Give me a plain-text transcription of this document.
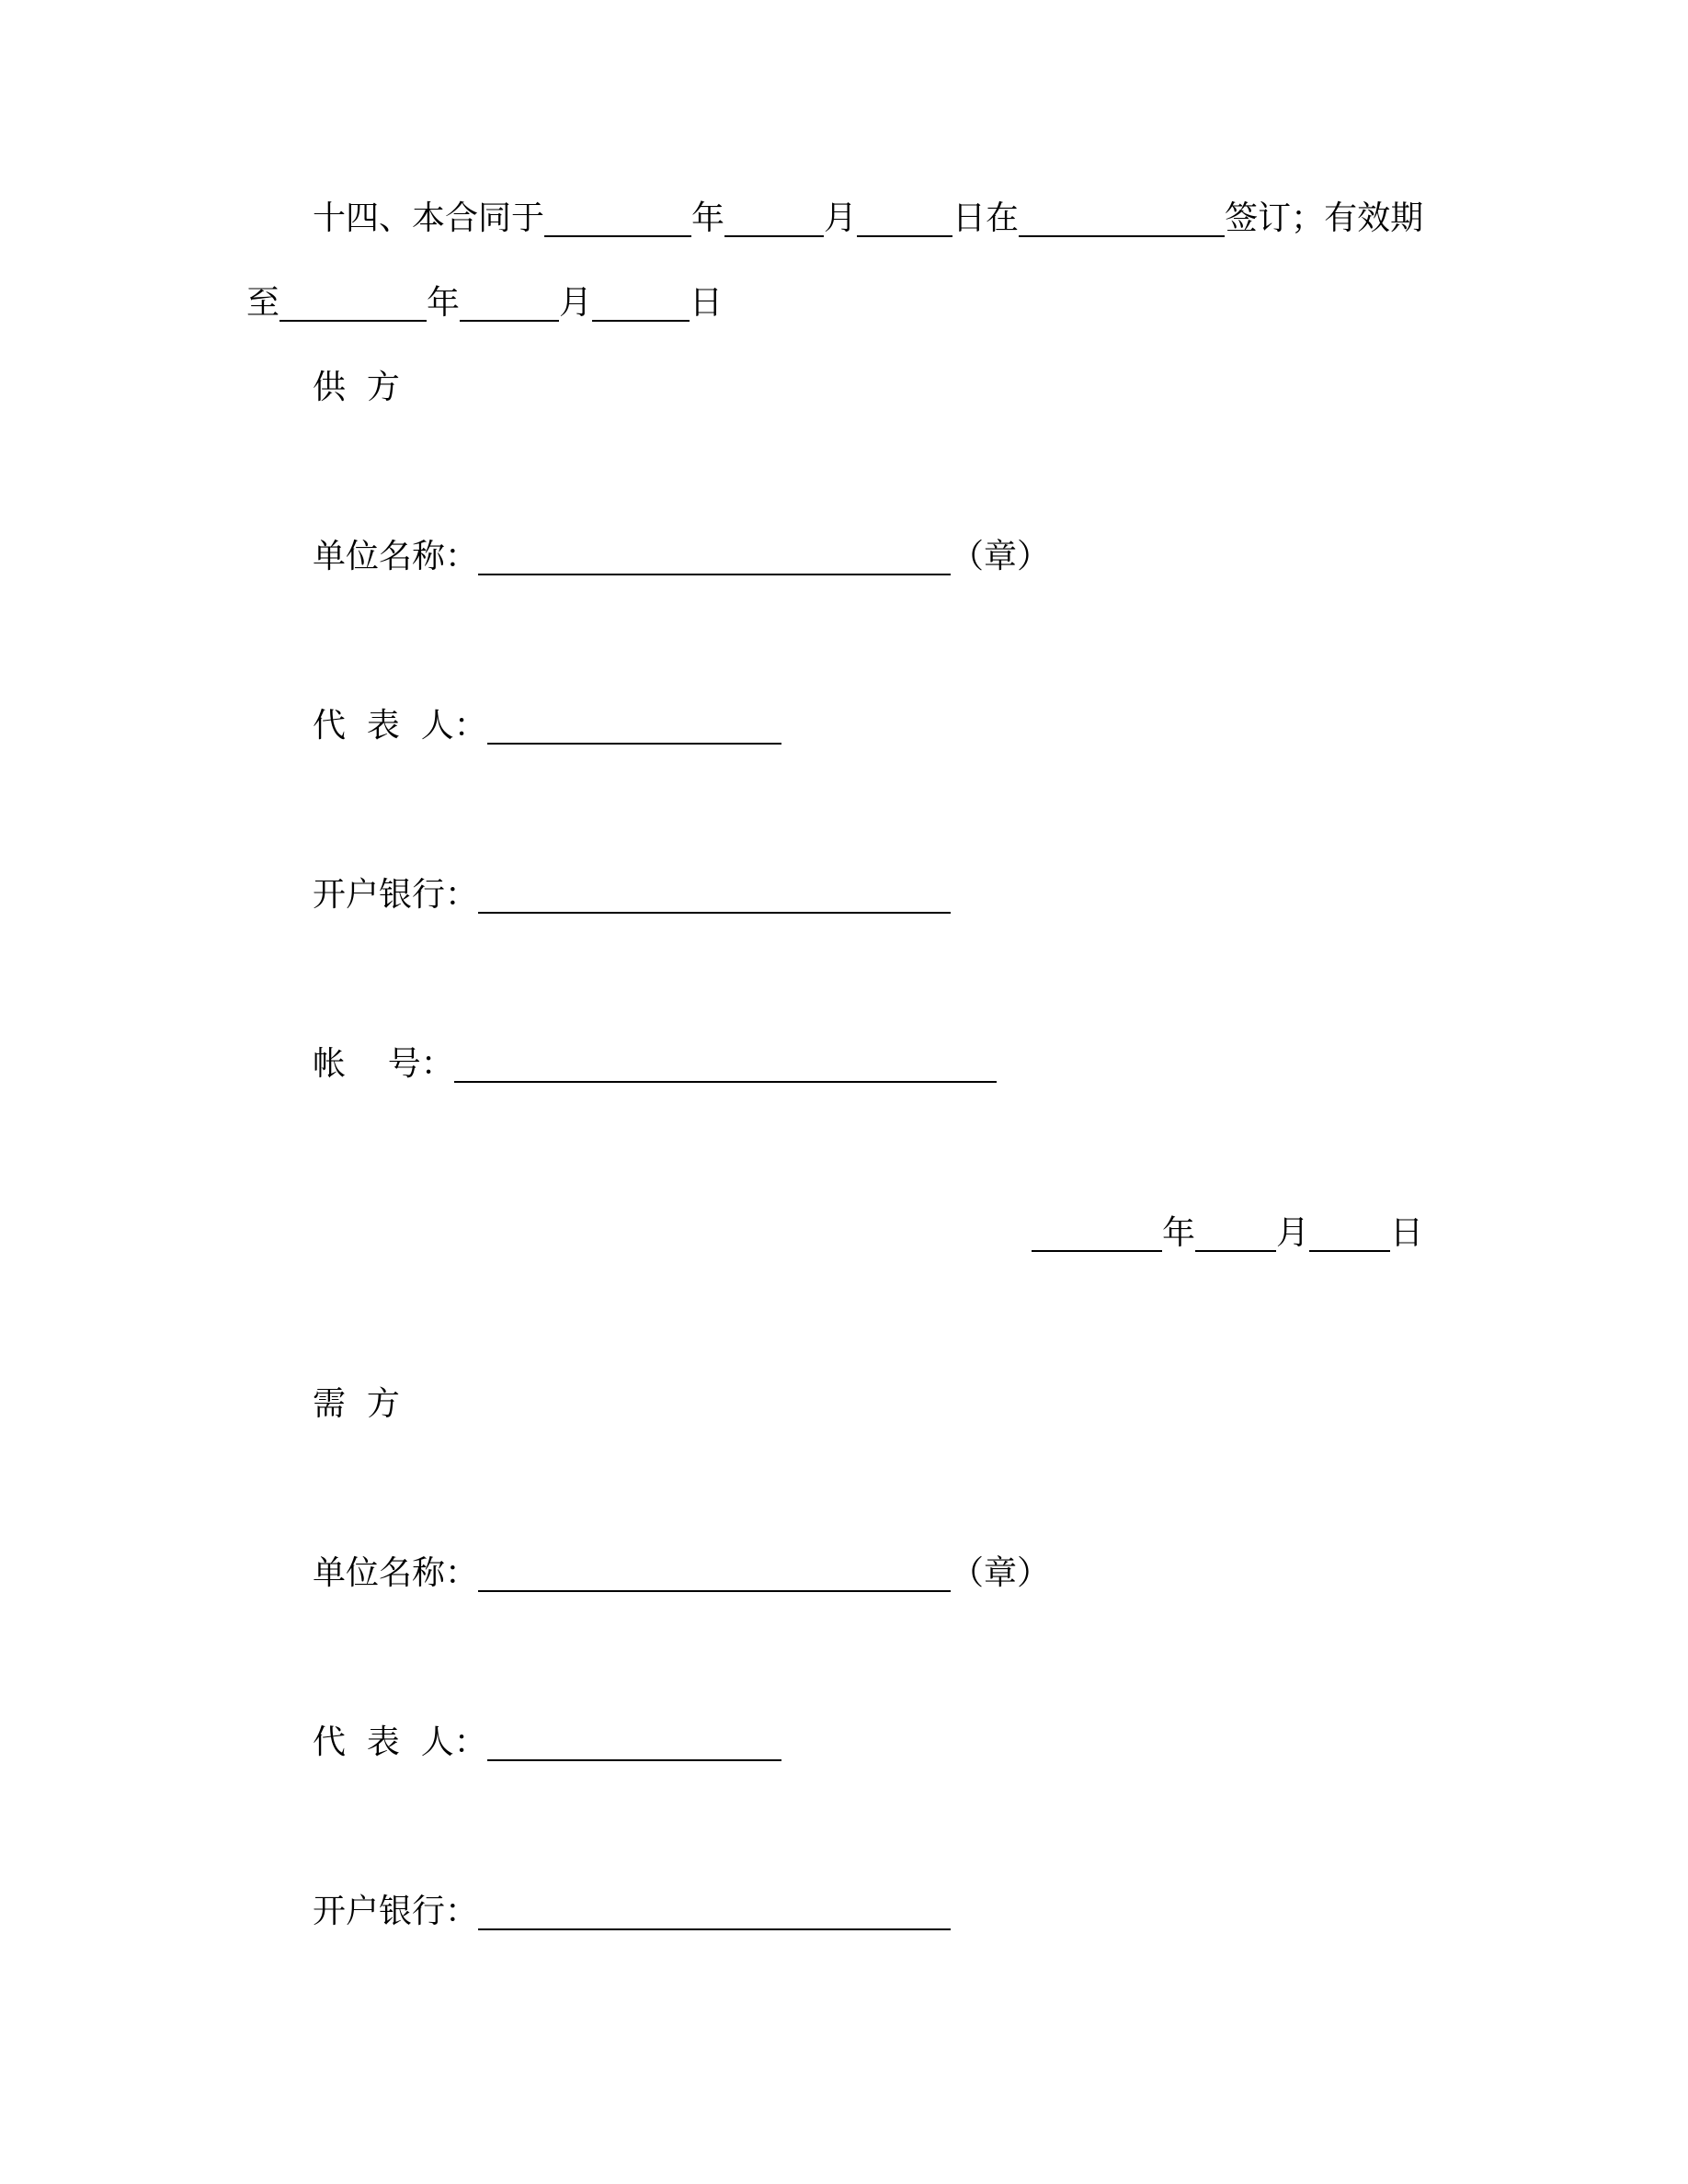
十四、本合同于	年	月	日在	签订；有效期
至	年	月	日
供  方
单位名称：	（章）
代  表  人：
开户银行：
帐    号：
年 月 日
需  方
单位名称：	（章）
代  表  人：
开户银行：
